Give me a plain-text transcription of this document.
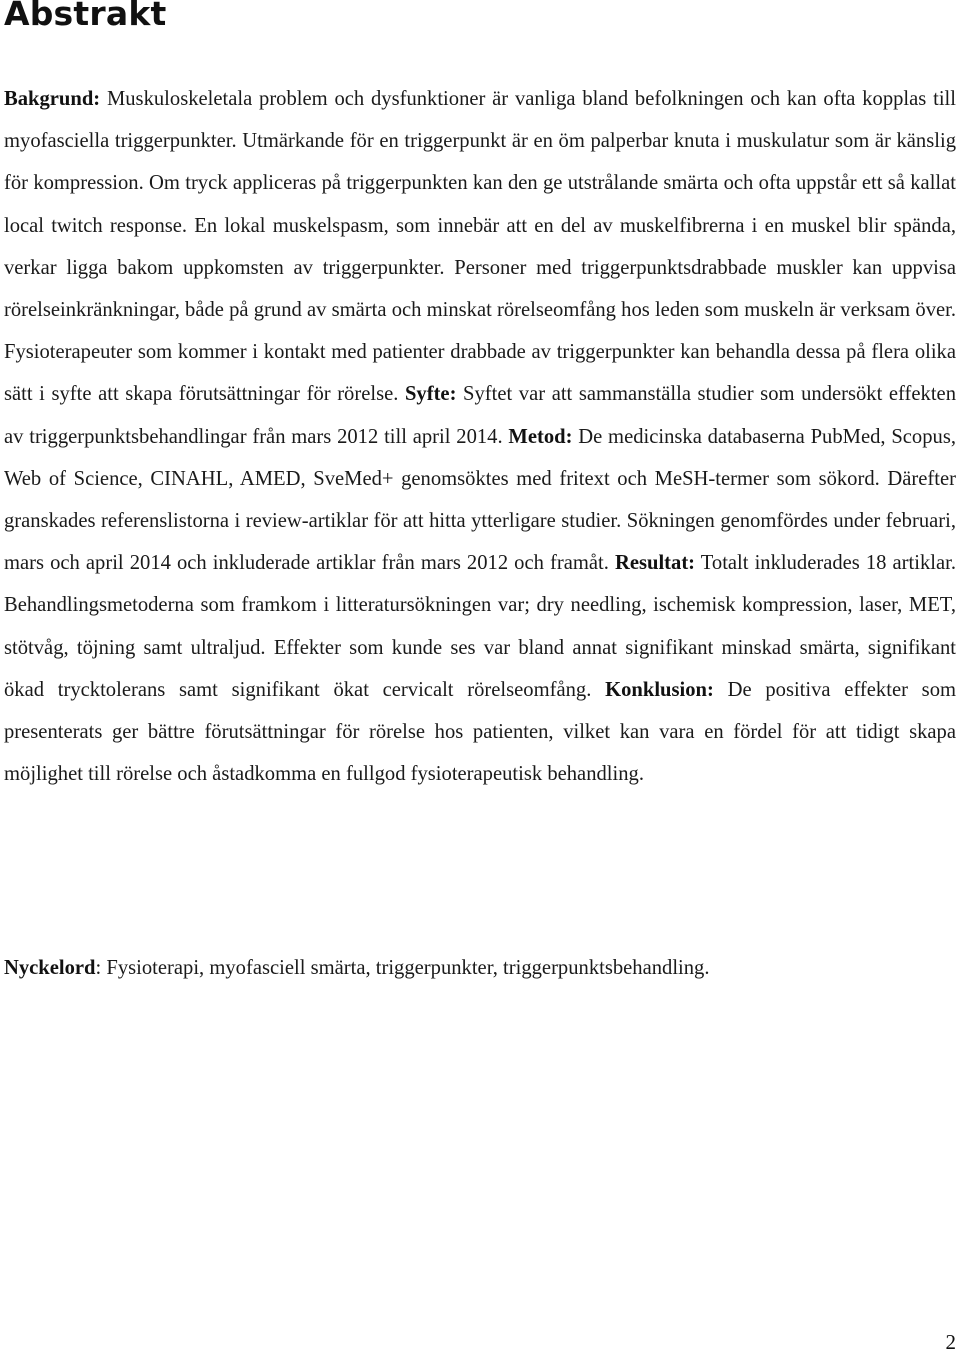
Abstrakt

Bakgrund: Muskuloskeletala problem och dysfunktioner är vanliga bland befolkningen och kan ofta kopplas till myofasciella triggerpunkter. Utmärkande för en triggerpunkt är en öm palperbar knuta i muskulatur som är känslig för kompression. Om tryck appliceras på triggerpunkten kan den ge utstrålande smärta och ofta uppstår ett så kallat local twitch response. En lokal muskelspasm, som innebär att en del av muskelfibrerna i en muskel blir spända, verkar ligga bakom uppkomsten av triggerpunkter. Personer med triggerpunktsdrabbade muskler kan uppvisa rörelseinkränkningar, både på grund av smärta och minskat rörelseomfång hos leden som muskeln är verksam över. Fysioterapeuter som kommer i kontakt med patienter drabbade av triggerpunkter kan behandla dessa på flera olika sätt i syfte att skapa förutsättningar för rörelse. Syfte: Syftet var att sammanställa studier som undersökt effekten av triggerpunktsbehandlingar från mars 2012 till april 2014. Metod: De medicinska databaserna PubMed, Scopus, Web of Science, CINAHL, AMED, SveMed+ genomsöktes med fritext och MeSH-termer som sökord. Därefter granskades referenslistorna i review-artiklar för att hitta ytterligare studier. Sökningen genomfördes under februari, mars och april 2014 och inkluderade artiklar från mars 2012 och framåt. Resultat: Totalt inkluderades 18 artiklar. Behandlingsmetoderna som framkom i litteratursökningen var; dry needling, ischemisk kompression, laser, MET, stötvåg, töjning samt ultraljud. Effekter som kunde ses var bland annat signifikant minskad smärta, signifikant ökad trycktolerans samt signifikant ökat cervicalt rörelseomfång. Konklusion: De positiva effekter som presenterats ger bättre förutsättningar för rörelse hos patienten, vilket kan vara en fördel för att tidigt skapa möjlighet till rörelse och åstadkomma en fullgod fysioterapeutisk behandling.

Nyckelord: Fysioterapi, myofasciell smärta, triggerpunkter, triggerpunktsbehandling.

2
